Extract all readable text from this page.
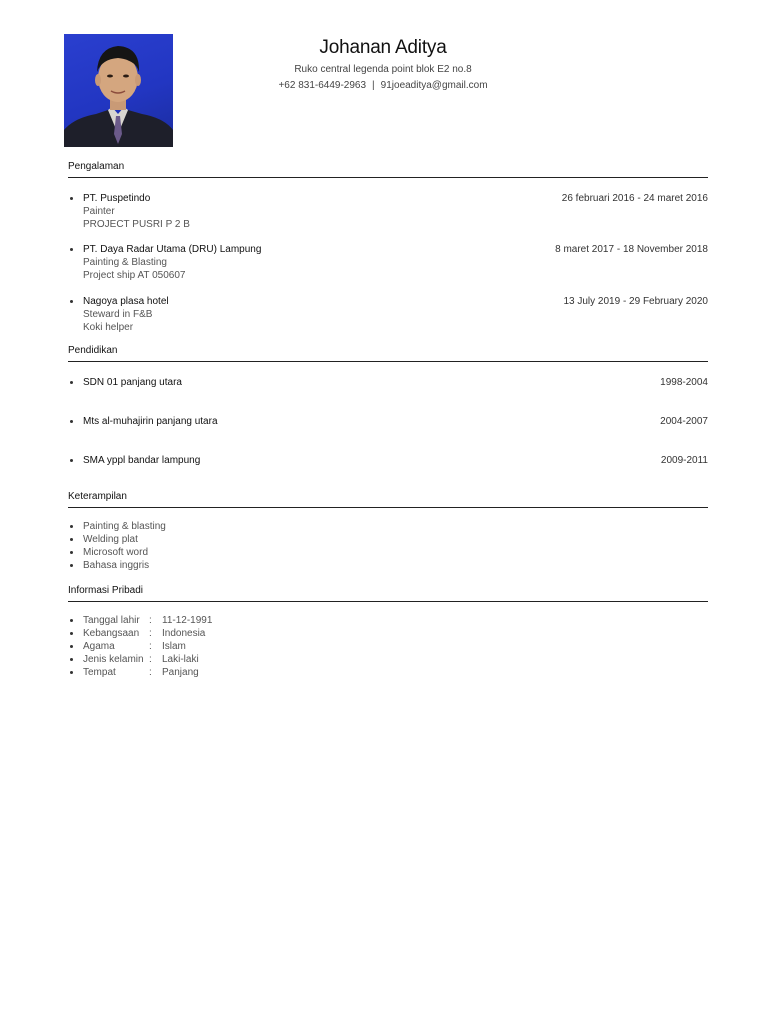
Johanan Aditya
Ruko central legenda point blok E2 no.8
+62 831-6449-2963 | 91joeaditya@gmail.com
Pengalaman
PT. Puspetindo
Painter
PROJECT PUSRI P 2 B
26 februari 2016 - 24 maret 2016
PT. Daya Radar Utama (DRU) Lampung
Painting & Blasting
Project ship AT 050607
8 maret 2017 - 18 November 2018
Nagoya plasa hotel
Steward in F&B
Koki helper
13 July 2019 - 29 February 2020
Pendidikan
SDN 01 panjang utara	1998-2004
Mts al-muhajirin panjang utara	2004-2007
SMA yppl bandar lampung	2009-2011
Keterampilan
Painting & blasting
Welding plat
Microsoft word
Bahasa inggris
Informasi Pribadi
Tanggal lahir : 11-12-1991
Kebangsaan : Indonesia
Agama	: Islam
Jenis kelamin : Laki-laki
Tempat	: Panjang
